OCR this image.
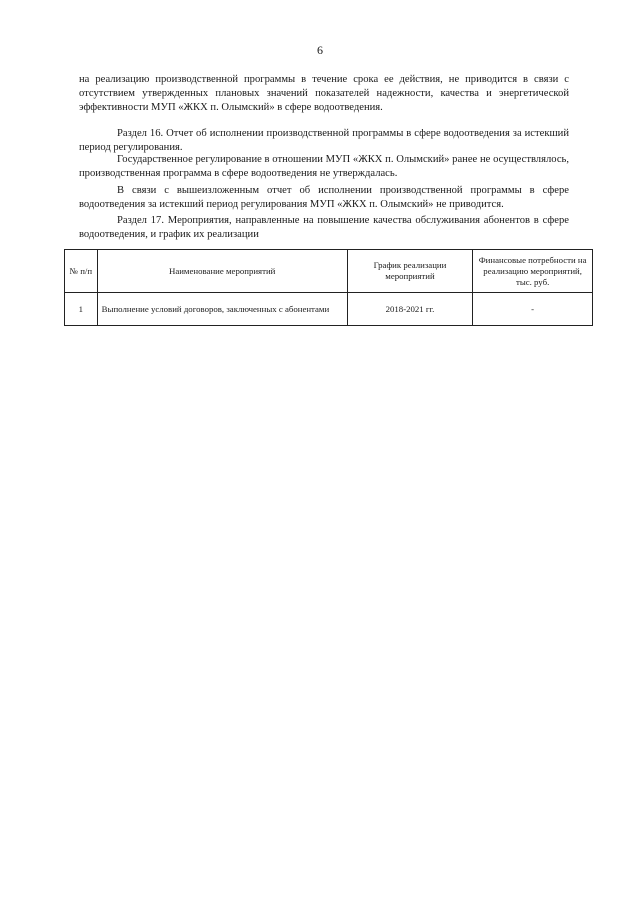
6

на реализацию производственной программы в течение срока ее действия, не приводится в связи с отсутствием утвержденных плановых значений показателей надежности, качества и энергетической эффективности МУП «ЖКХ п. Олымский» в сфере водоотведения.

Раздел 16. Отчет об исполнении производственной программы в сфере водоотведения за истекший период регулирования.

Государственное регулирование в отношении МУП «ЖКХ п. Олымский» ранее не осуществлялось, производственная программа в сфере водоотведения не утверждалась.

В связи с вышеизложенным отчет об исполнении производственной программы в сфере водоотведения за истекший период регулирования МУП «ЖКХ п. Олымский» не приводится.

Раздел 17. Мероприятия, направленные на повышение качества обслуживания абонентов в сфере водоотведения, и график их реализации

№ п/п	Наименование мероприятий	График реализации мероприятий	Финансовые потребности на реализацию мероприятий, тыс. руб.
1	Выполнение условий договоров, заключенных с абонентами	2018-2021 гг.	-
